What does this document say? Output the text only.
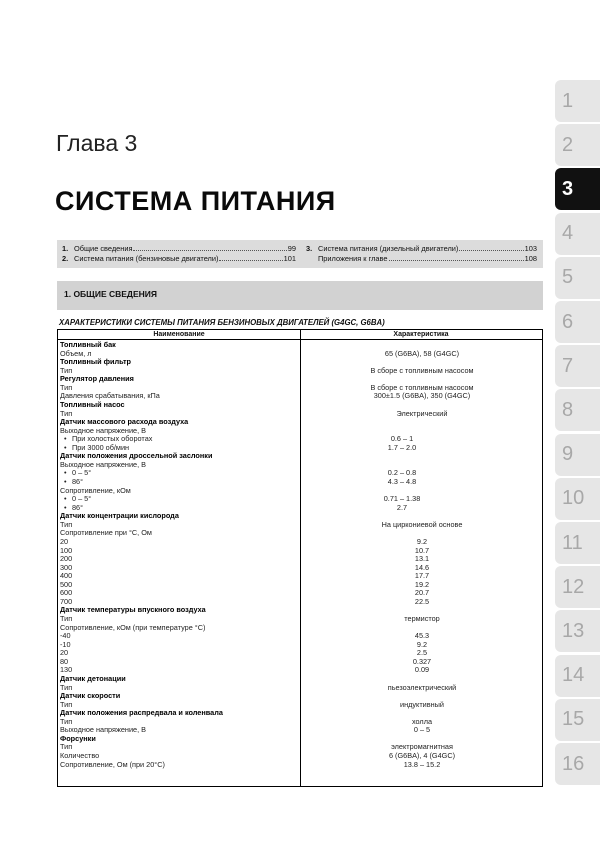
Глава 3
СИСТЕМА ПИТАНИЯ
1. Общие сведения	99
2. Система питания (бензиновые двигатели)	101
3. Система питания (дизельный двигатели)	103
Приложения к главе	108
1. ОБЩИЕ СВЕДЕНИЯ
ХАРАКТЕРИСТИКИ СИСТЕМЫ ПИТАНИЯ БЕНЗИНОВЫХ ДВИГАТЕЛЕЙ (G4GC, G6BA)
Наименование	Характеристика
Топливный бак
Объем, л	65 (G6BA), 58 (G4GC)
Топливный фильтр
Тип	В сборе с топливным насосом
Регулятор давления
Тип	В сборе с топливным насосом
Давления срабатывания, кПа	300±1.5 (G6BA), 350 (G4GC)
Топливный насос
Тип	Электрический
Датчик массового расхода воздуха
Выходное напряжение, В
• При холостых оборотах	0.6 – 1
• При 3000 об/мин	1.7 – 2.0
Датчик положения дроссельной заслонки
Выходное напряжение, В
• 0 – 5°	0.2 – 0.8
• 86°	4.3 – 4.8
Сопротивление, кОм
• 0 – 5°	0.71 – 1.38
• 86°	2.7
Датчик концентрации кислорода
Тип	На циркониевой основе
Сопротивление при °С, Ом
20	9.2
100	10.7
200	13.1
300	14.6
400	17.7
500	19.2
600	20.7
700	22.5
Датчик температуры впускного воздуха
Тип	термистор
Сопротивление, кОм (при температуре °С)
-40	45.3
-10	9.2
20	2.5
80	0.327
130	0.09
Датчик детонации
Тип	пьезоэлектрический
Датчик скорости
Тип	индуктивный
Датчик положения распредвала и коленвала
Тип	холла
Выходное напряжение, В	0 – 5
Форсунки
Тип	электромагнитная
Количество	6 (G6BA), 4 (G4GC)
Сопротивление, Ом (при 20°С)	13.8 – 15.2
1
2
3
4
5
6
7
8
9
10
11
12
13
14
15
16
